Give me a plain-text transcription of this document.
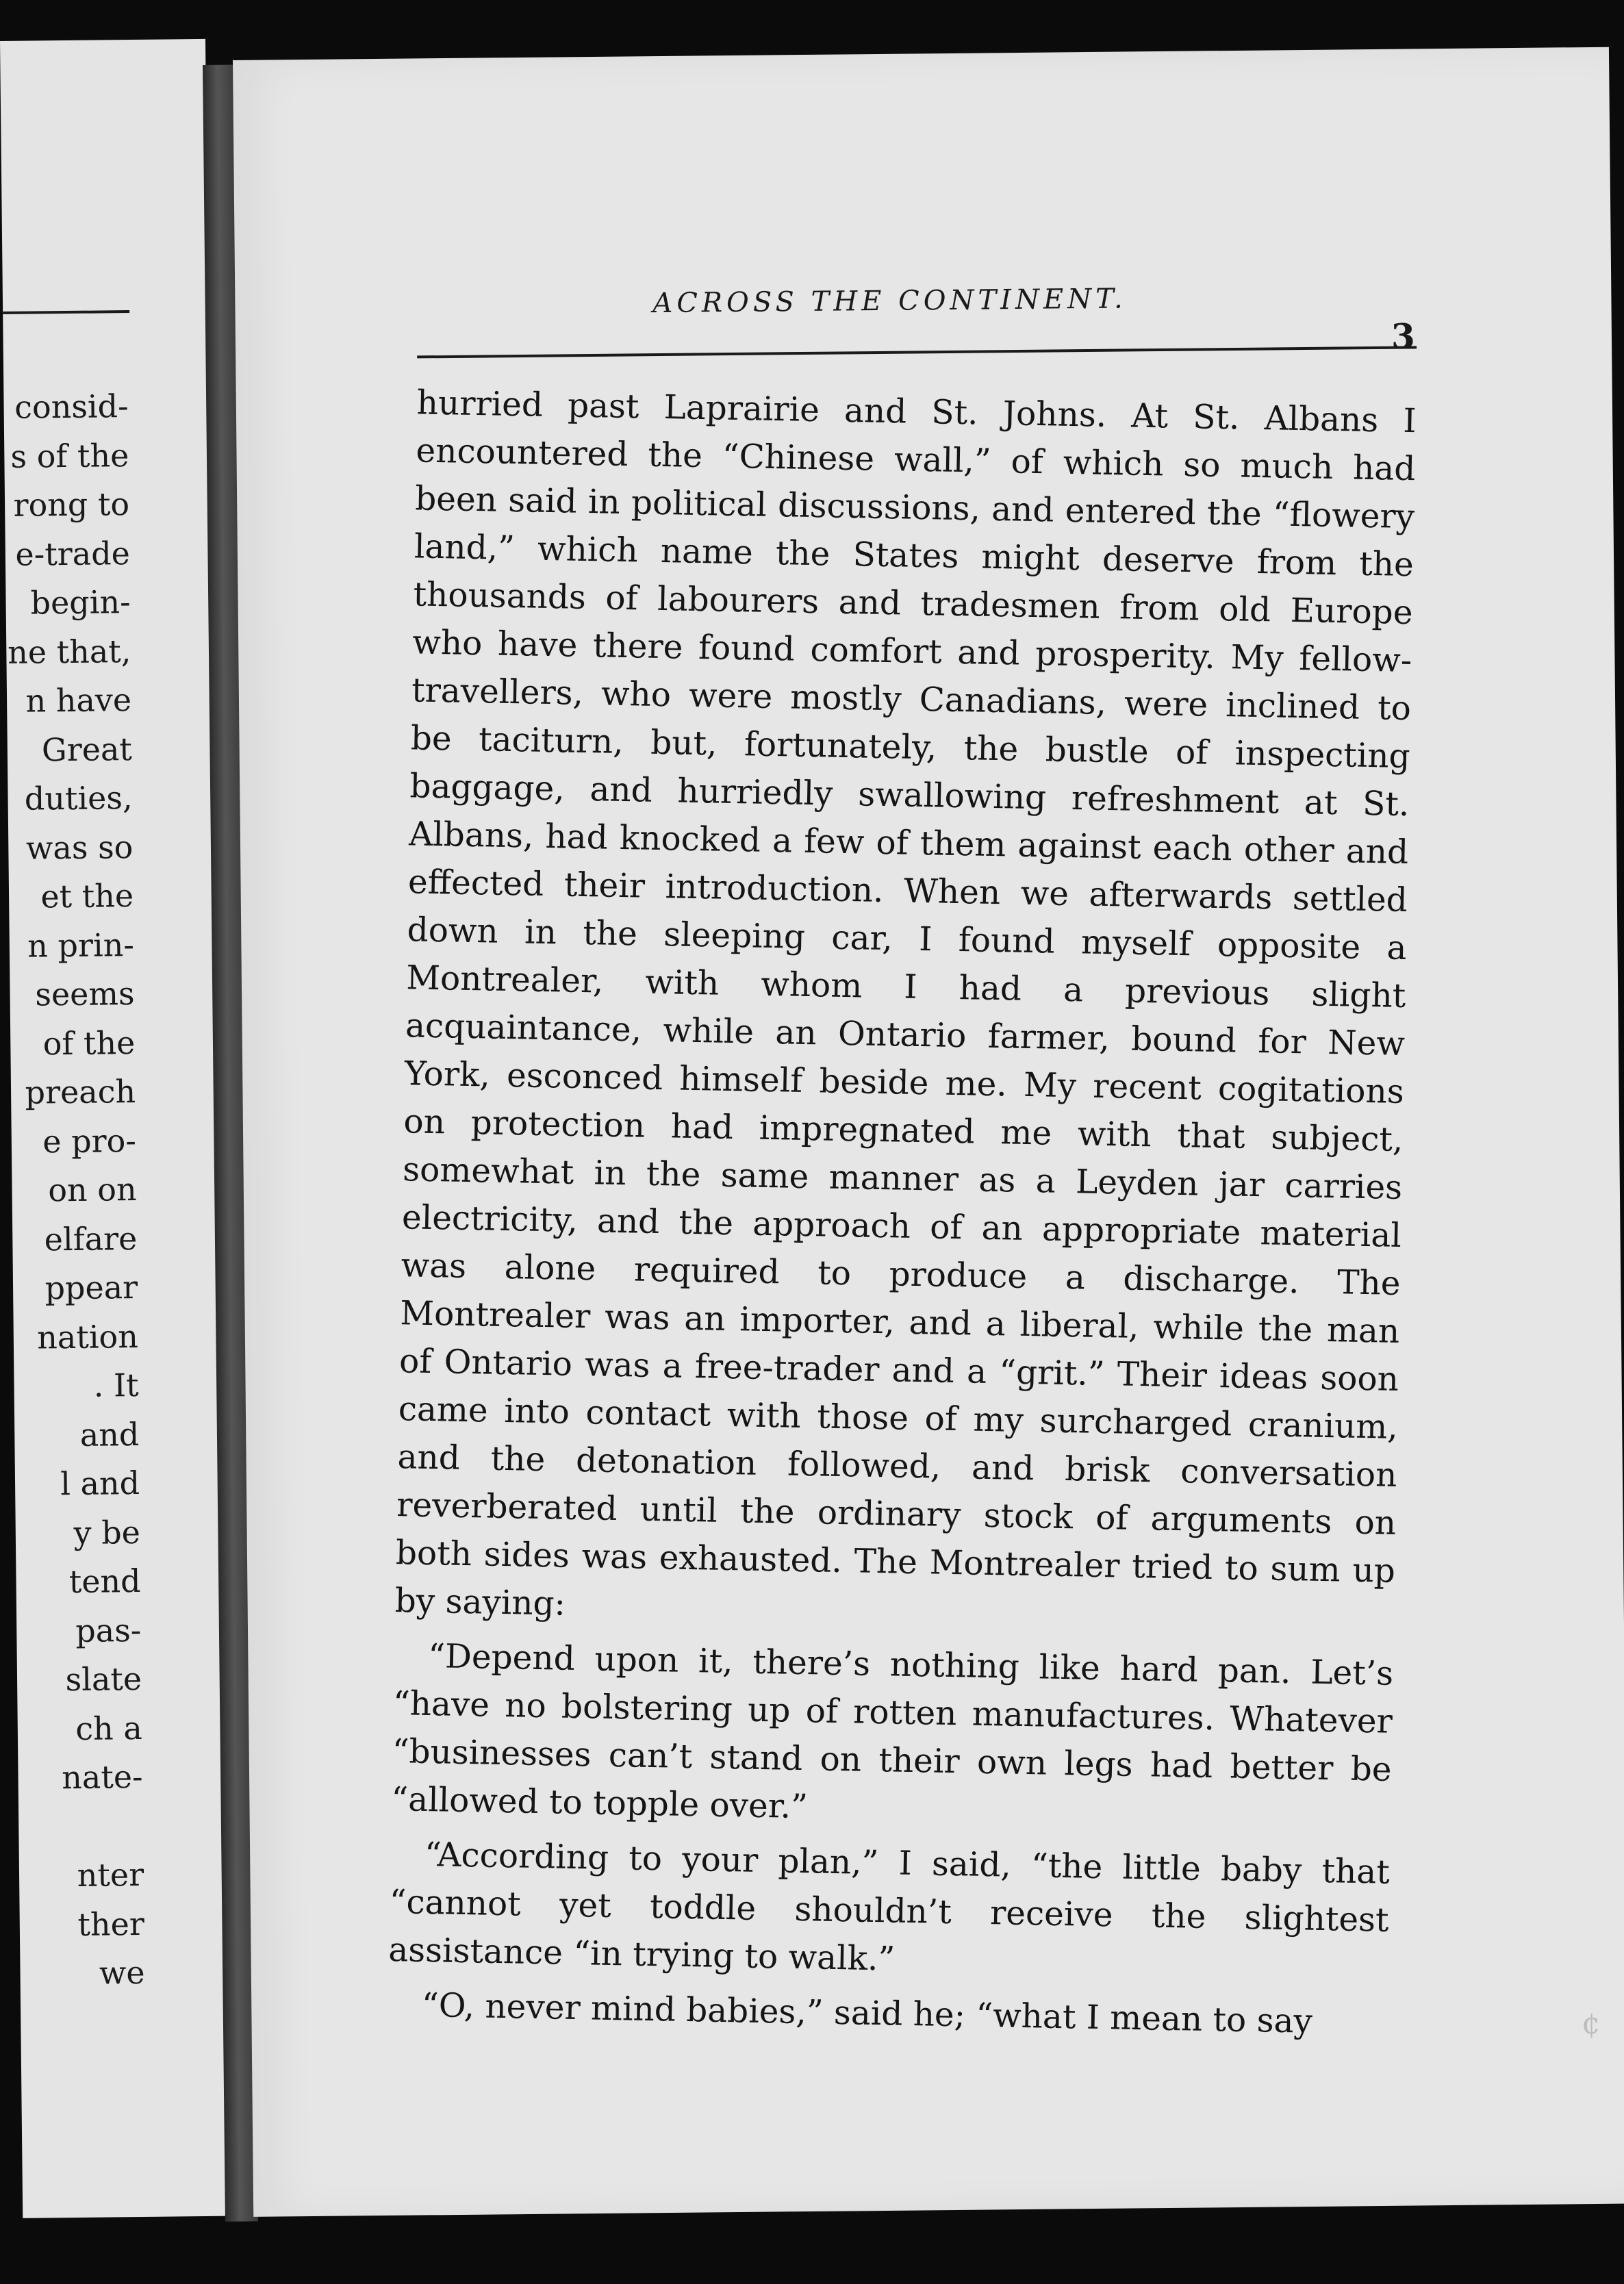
consid-
s of the
rong to
e-trade
begin-
ne that,
n have
Great
duties,
was so
et the
n prin-
seems
of the
preach
e pro-
on on
elfare
ppear
nation
. It
and
l and
y be
tend
pas-
slate
ch a
nate-

nter
ther
we
ACROSS THE CONTINENT.
3

hurried past Laprairie and St. Johns. At St. Albans I encountered the “Chinese wall,” of which so much had been said in political discussions, and entered the “flowery land,” which name the States might deserve from the thousands of labourers and tradesmen from old Europe who have there found comfort and prosperity. My fellow-travellers, who were mostly Canadians, were inclined to be taciturn, but, fortunately, the bustle of inspecting baggage, and hurriedly swallowing refreshment at St. Albans, had knocked a few of them against each other and effected their introduction. When we afterwards settled down in the sleeping car, I found myself opposite a Montrealer, with whom I had a previous slight acquaintance, while an Ontario farmer, bound for New York, esconced himself beside me. My recent cogitations on protection had impregnated me with that subject, somewhat in the same manner as a Leyden jar carries electricity, and the approach of an appropriate material was alone required to produce a discharge. The Montrealer was an importer, and a liberal, while the man of Ontario was a free-trader and a “grit.” Their ideas soon came into contact with those of my surcharged cranium, and the detonation followed, and brisk conversation reverberated until the ordinary stock of arguments on both sides was exhausted. The Montrealer tried to sum up by saying:

“Depend upon it, there’s nothing like hard pan. Let’s “have no bolstering up of rotten manufactures. Whatever “businesses can’t stand on their own legs had better be “allowed to topple over.”

“According to your plan,” I said, “the little baby that “cannot yet toddle shouldn’t receive the slightest assistance “in trying to walk.”

“O, never mind babies,” said he; “what I mean to say	¢
